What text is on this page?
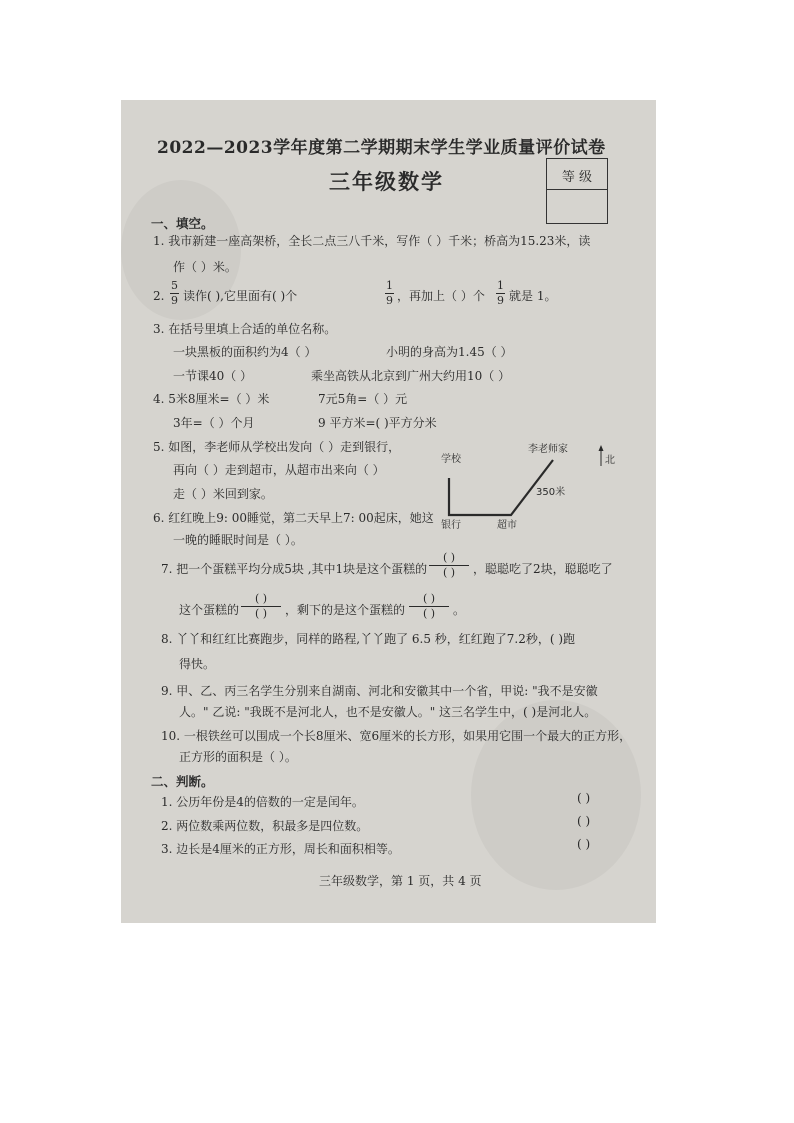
2022—2023学年度第二学期期末学生学业质量评价试卷
三年级数学	等 级
一、填空。
1. 我市新建一座高架桥，全长二点三八千米，写作（ ）千米；桥高为15.23米，读
作（ ）米。
2.
5
9 读作( ),它里面有( )个
1
9 ，再加上（ ）个
1
9 就是 1。
3. 在括号里填上合适的单位名称。
一块黑板的面积约为4（ ）	小明的身高为1.45（ ）
一节课40（ ）	乘坐高铁从北京到广州大约用10（ ）
4. 5米8厘米=（ ）米	7元5角=（ ）元
3年=（ ）个月	9 平方米=( )平方分米
5. 如图，李老师从学校出发向（ ）走到银行，
再向（ ）走到超市，从超市出来向（ ）
走（ ）米回到家。
北
学校
银行	超市
李老师家
350米
6. 红红晚上9: 00睡觉，第二天早上7: 00起床，她这
一晚的睡眠时间是（ ）。
7. 把一个蛋糕平均分成5块 ,其中1块是这个蛋糕的
( )
( ) ，聪聪吃了2块，聪聪吃了
这个蛋糕的
( )
( ) ，剩下的是这个蛋糕的
( )
( ) 。
8. 丫丫和红红比赛跑步，同样的路程,丫丫跑了 6.5 秒，红红跑了7.2秒，( )跑
得快。
9. 甲、乙、丙三名学生分别来自湖南、河北和安徽其中一个省，甲说: "我不是安徽
人。" 乙说: "我既不是河北人，也不是安徽人。" 这三名学生中，( )是河北人。
10. 一根铁丝可以围成一个长8厘米、宽6厘米的长方形，如果用它围一个最大的正方形，
正方形的面积是（ ）。
二、判断。
1. 公历年份是4的倍数的一定是闰年。	( )
2. 两位数乘两位数，积最多是四位数。	( )
3. 边长是4厘米的正方形，周长和面积相等。	( )
三年级数学，第 1 页，共 4 页
